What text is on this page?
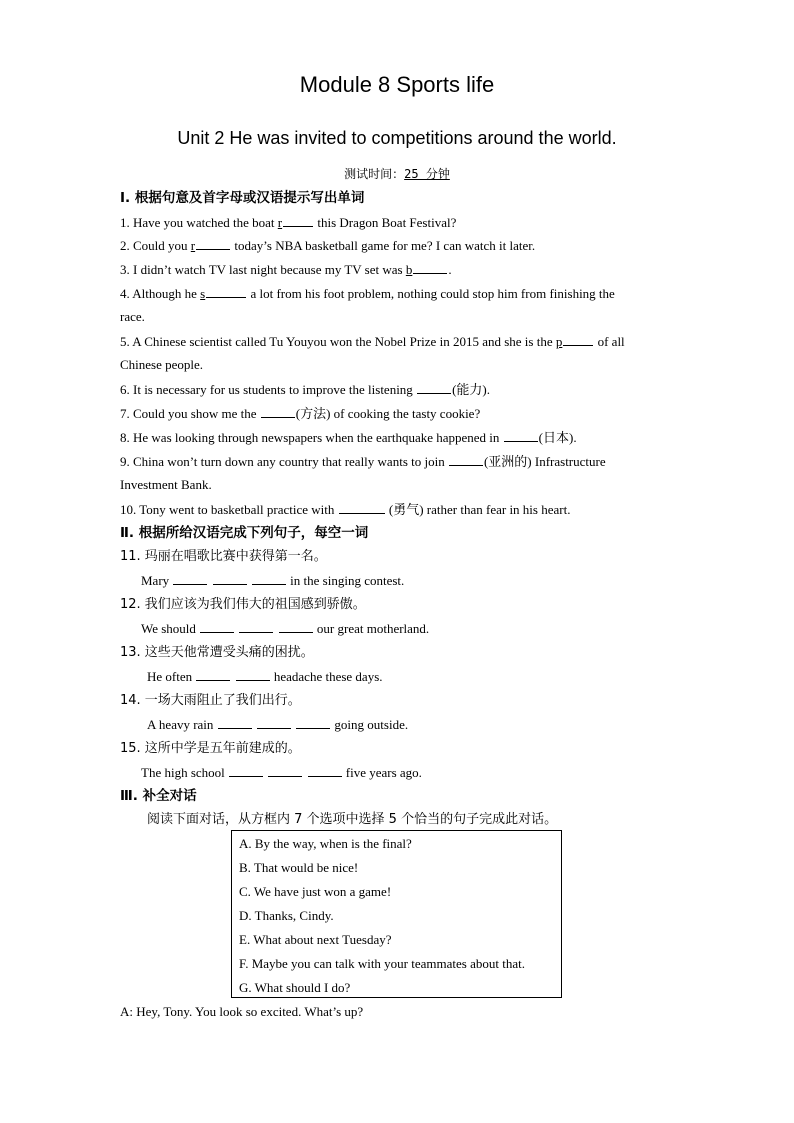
Module 8 Sports life
Unit 2 He was invited to competitions around the world.
测试时间：25 分钟
Ⅰ. 根据句意及首字母或汉语提示写出单词
1. Have you watched the boat r this Dragon Boat Festival?
2. Could you r	today’s NBA basketball game for me? I can watch it later.
3. I didn’t watch TV last night because my TV set was b	.
4. Although he s	a lot from his foot problem, nothing could stop him from finishing the
race.
5. A Chinese scientist called Tu Youyou won the Nobel Prize in 2015 and she is the p of all
Chinese people.
6. It is necessary for us students to improve the listening	(能力).
7. Could you show me the	(方法) of cooking the tasty cookie?
8. He was looking through newspapers when the earthquake happened in	(日本).
9. China won’t turn down any country that really wants to join	(亚洲的) Infrastructure
Investment Bank.
10. Tony went to basketball practice with	(勇气) rather than fear in his heart.
Ⅱ. 根据所给汉语完成下列句子，每空一词
11. 玛丽在唱歌比赛中获得第一名。
Mary	in the singing contest.
12. 我们应该为我们伟大的祖国感到骄傲。
We should	our great motherland.
13. 这些天他常遭受头痛的困扰。
He often	headache these days.
14. 一场大雨阻止了我们出行。
A heavy rain	going outside.
15. 这所中学是五年前建成的。
The high school	five years ago.
Ⅲ. 补全对话
阅读下面对话，从方框内 7 个选项中选择 5 个恰当的句子完成此对话。
A. By the way, when is the final?
B. That would be nice!
C. We have just won a game!
D. Thanks, Cindy.
E. What about next Tuesday?
F. Maybe you can talk with your teammates about that.
G. What should I do?
A: Hey, Tony. You look so excited. What’s up?
